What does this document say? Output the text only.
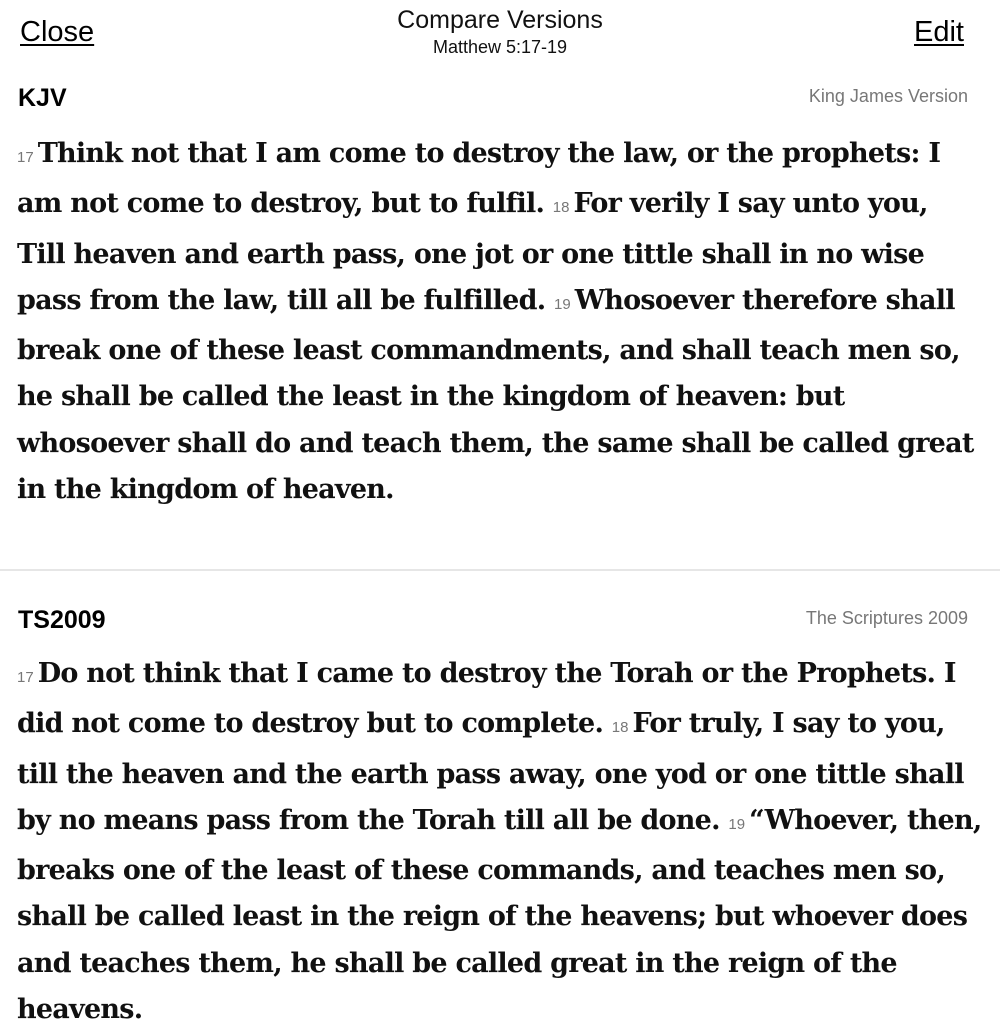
Close	Compare Versions
Matthew 5:17-19	Edit
KJV	King James Version

17 Think not that I am come to destroy the law, or the prophets: I am not come to destroy, but to fulfil. 18 For verily I say unto you, Till heaven and earth pass, one jot or one tittle shall in no wise pass from the law, till all be fulfilled. 19 Whosoever therefore shall break one of these least commandments, and shall teach men so, he shall be called the least in the kingdom of heaven: but whosoever shall do and teach them, the same shall be called great in the kingdom of heaven.

TS2009	The Scriptures 2009

17 Do not think that I came to destroy the Torah or the Prophets. I did not come to destroy but to complete. 18 For truly, I say to you, till the heaven and the earth pass away, one yod or one tittle shall by no means pass from the Torah till all be done. 19 “Whoever, then, breaks one of the least of these commands, and teaches men so, shall be called least in the reign of the heavens; but whoever does and teaches them, he shall be called great in the reign of the heavens.
